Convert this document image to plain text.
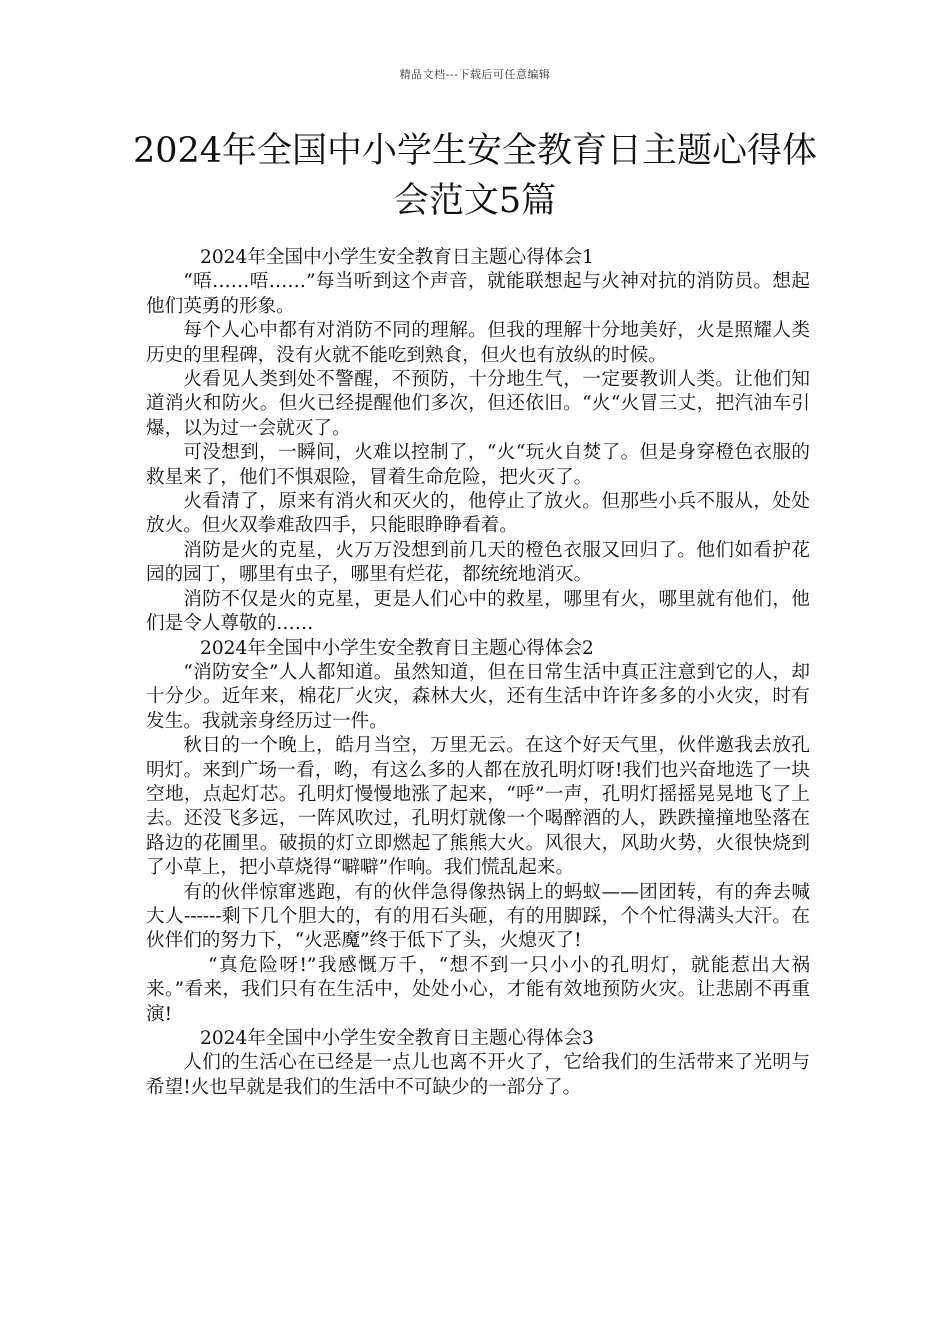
精品文档---下载后可任意编辑
2024年全国中小学生安全教育日主题心得体会范文5篇

2024年全国中小学生安全教育日主题心得体会1

“唔……唔……”每当听到这个声音，就能联想起与火神对抗的消防员。想起他们英勇的形象。

每个人心中都有对消防不同的理解。但我的理解十分地美好，火是照耀人类历史的里程碑，没有火就不能吃到熟食，但火也有放纵的时候。

火看见人类到处不警醒，不预防，十分地生气，一定要教训人类。让他们知道消火和防火。但火已经提醒他们多次，但还依旧。“火“火冒三丈，把汽油车引爆，以为过一会就灭了。

可没想到，一瞬间，火难以控制了，“火“玩火自焚了。但是身穿橙色衣服的救星来了，他们不惧艰险，冒着生命危险，把火灭了。

火看清了，原来有消火和灭火的，他停止了放火。但那些小兵不服从，处处放火。但火双拳难敌四手，只能眼睁睁看着。

消防是火的克星，火万万没想到前几天的橙色衣服又回归了。他们如看护花园的园丁，哪里有虫子，哪里有烂花，都统统地消灭。

消防不仅是火的克星，更是人们心中的救星，哪里有火，哪里就有他们，他们是令人尊敬的……

2024年全国中小学生安全教育日主题心得体会2

“消防安全”人人都知道。虽然知道，但在日常生活中真正注意到它的人，却十分少。近年来，棉花厂火灾，森林大火，还有生活中许许多多的小火灾，时有发生。我就亲身经历过一件。

秋日的一个晚上，皓月当空，万里无云。在这个好天气里，伙伴邀我去放孔明灯。来到广场一看，哟，有这么多的人都在放孔明灯呀!我们也兴奋地选了一块空地，点起灯芯。孔明灯慢慢地涨了起来，“呼”一声，孔明灯摇摇晃晃地飞了上去。还没飞多远，一阵风吹过，孔明灯就像一个喝醉酒的人，跌跌撞撞地坠落在路边的花圃里。破损的灯立即燃起了熊熊大火。风很大，风助火势，火很快烧到了小草上，把小草烧得“噼噼”作响。我们慌乱起来。

有的伙伴惊窜逃跑，有的伙伴急得像热锅上的蚂蚁——团团转，有的奔去喊大人------剩下几个胆大的，有的用石头砸，有的用脚踩，个个忙得满头大汗。在伙伴们的努力下，“火恶魔”终于低下了头，火熄灭了!

“真危险呀!”我感慨万千，“想不到一只小小的孔明灯，就能惹出大祸来。”看来，我们只有在生活中，处处小心，才能有效地预防火灾。让悲剧不再重演!

2024年全国中小学生安全教育日主题心得体会3

人们的生活心在已经是一点儿也离不开火了，它给我们的生活带来了光明与希望!火也早就是我们的生活中不可缺少的一部分了。
